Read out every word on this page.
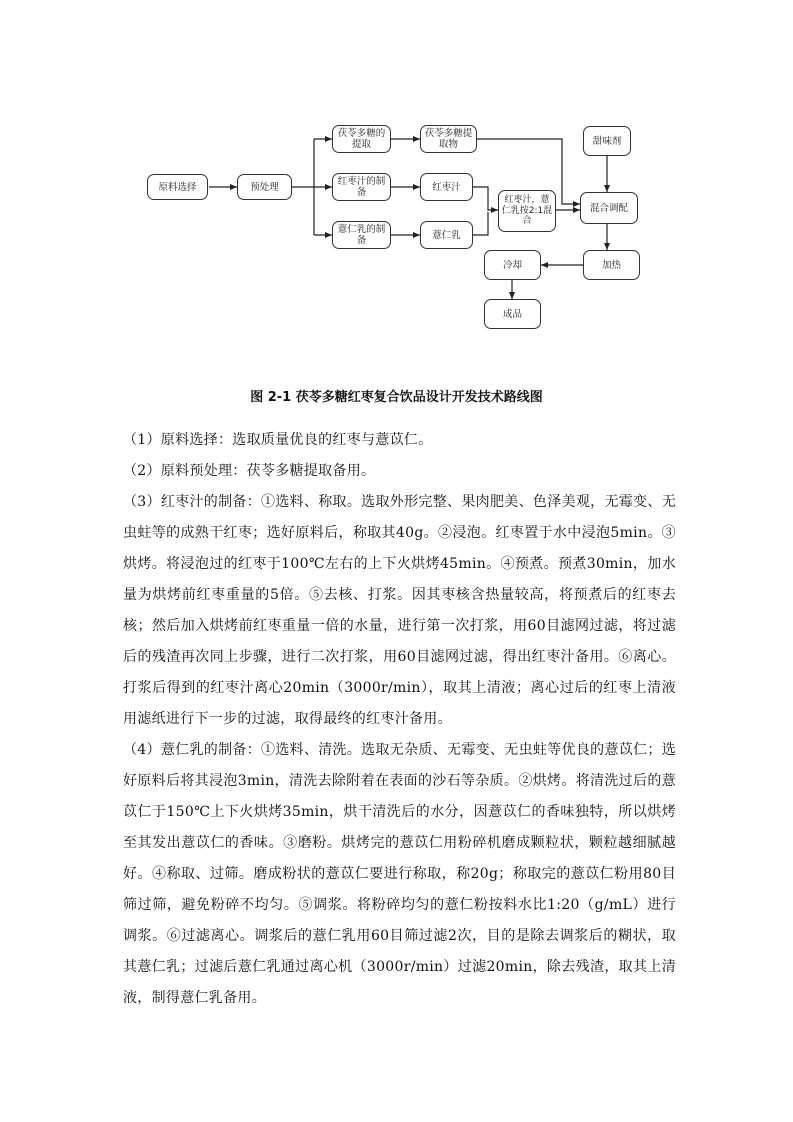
原料选择	预处理
茯苓多糖的
提取
茯苓多糖提
取物
红枣汁的制
备	红枣汁
薏仁乳的制
备	薏仁乳
红枣汁，薏
仁乳按2:1混
合
甜味剂
混合调配
加热
冷却
成品
图 2-1 茯苓多糖红枣复合饮品设计开发技术路线图

（1）原料选择：选取质量优良的红枣与薏苡仁。

（2）原料预处理：茯苓多糖提取备用。

（3）红枣汁的制备：①选料、称取。选取外形完整、果肉肥美、色泽美观，无霉变、无虫蛀等的成熟干红枣；选好原料后，称取其40g。②浸泡。红枣置于水中浸泡5min。③烘烤。将浸泡过的红枣于100℃左右的上下火烘烤45min。④预煮。预煮30min，加水量为烘烤前红枣重量的5倍。⑤去核、打浆。因其枣核含热量较高，将预煮后的红枣去核；然后加入烘烤前红枣重量一倍的水量，进行第一次打浆，用60目滤网过滤，将过滤后的残渣再次同上步骤，进行二次打浆，用60目滤网过滤，得出红枣汁备用。⑥离心。打浆后得到的红枣汁离心20min（3000r/min），取其上清液；离心过后的红枣上清液用滤纸进行下一步的过滤，取得最终的红枣汁备用。

（4）薏仁乳的制备：①选料、清洗。选取无杂质、无霉变、无虫蛀等优良的薏苡仁；选好原料后将其浸泡3min，清洗去除附着在表面的沙石等杂质。②烘烤。将清洗过后的薏苡仁于150℃上下火烘烤35min，烘干清洗后的水分，因薏苡仁的香味独特，所以烘烤至其发出薏苡仁的香味。③磨粉。烘烤完的薏苡仁用粉碎机磨成颗粒状，颗粒越细腻越好。④称取、过筛。磨成粉状的薏苡仁要进行称取，称20g；称取完的薏苡仁粉用80目筛过筛，避免粉碎不均匀。⑤调浆。将粉碎均匀的薏仁粉按料水比1:20（g/mL）进行调浆。⑥过滤离心。调浆后的薏仁乳用60目筛过滤2次，目的是除去调浆后的糊状，取其薏仁乳；过滤后薏仁乳通过离心机（3000r/min）过滤20min，除去残渣，取其上清液，制得薏仁乳备用。
